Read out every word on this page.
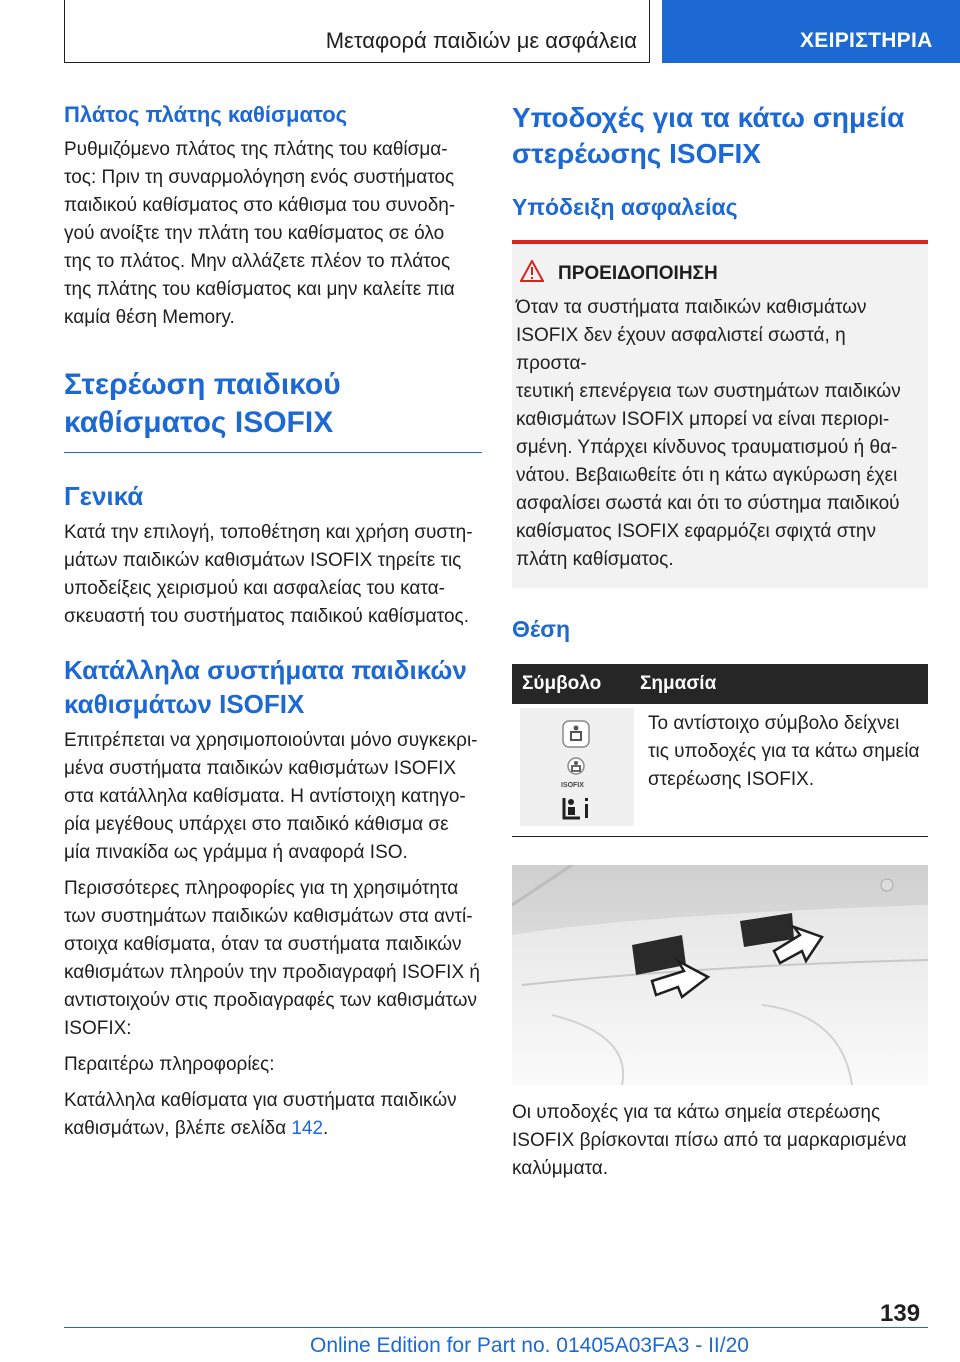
Μεταφορά παιδιών με ασφάλεια	ΧΕΙΡΙΣΤΗΡΙΑ
Πλάτος πλάτης καθίσματος

Ρυθμιζόμενο πλάτος της πλάτης του καθίσμα-
τος: Πριν τη συναρμολόγηση ενός συστήματος
παιδικού καθίσματος στο κάθισμα του συνοδη-
γού ανοίξτε την πλάτη του καθίσματος σε όλο
της το πλάτος. Μην αλλάζετε πλέον το πλάτος
της πλάτης του καθίσματος και μην καλείτε πια
καμία θέση Memory.

Στερέωση παιδικού
καθίσματος ISOFIX
Γενικά

Κατά την επιλογή, τοποθέτηση και χρήση συστη-
μάτων παιδικών καθισμάτων ISOFIX τηρείτε τις
υποδείξεις χειρισμού και ασφαλείας του κατα-
σκευαστή του συστήματος παιδικού καθίσματος.

Κατάλληλα συστήματα παιδικών
καθισμάτων ISOFIX

Επιτρέπεται να χρησιμοποιούνται μόνο συγκεκρι-
μένα συστήματα παιδικών καθισμάτων ISOFIX
στα κατάλληλα καθίσματα. Η αντίστοιχη κατηγο-
ρία μεγέθους υπάρχει στο παιδικό κάθισμα σε
μία πινακίδα ως γράμμα ή αναφορά ISO.

Περισσότερες πληροφορίες για τη χρησιμότητα
των συστημάτων παιδικών καθισμάτων στα αντί-
στοιχα καθίσματα, όταν τα συστήματα παιδικών
καθισμάτων πληρούν την προδιαγραφή ISOFIX ή
αντιστοιχούν στις προδιαγραφές των καθισμάτων
ISOFIX:

Περαιτέρω πληροφορίες:

Κατάλληλα καθίσματα για συστήματα παιδικών
καθισμάτων, βλέπε σελίδα 142.

Υποδοχές για τα κάτω σημεία
στερέωσης ISOFIX
Υπόδειξη ασφαλείας
ΠΡΟΕΙΔΟΠΟΙΗΣΗ

Όταν τα συστήματα παιδικών καθισμάτων
ISOFIX δεν έχουν ασφαλιστεί σωστά, η προστα-
τευτική επενέργεια των συστημάτων παιδικών
καθισμάτων ISOFIX μπορεί να είναι περιορι-
σμένη. Υπάρχει κίνδυνος τραυματισμού ή θα-
νάτου. Βεβαιωθείτε ότι η κάτω αγκύρωση έχει
ασφαλίσει σωστά και ότι το σύστημα παιδικού
καθίσματος ISOFIX εφαρμόζει σφιχτά στην
πλάτη καθίσματος.

Θέση
Σύμβολο	Σημασία
ISOFIX

Το αντίστοιχο σύμβολο δείχνει
τις υποδοχές για τα κάτω σημεία
στερέωσης ISOFIX.

Οι υποδοχές για τα κάτω σημεία στερέωσης
ISOFIX βρίσκονται πίσω από τα μαρκαρισμένα
καλύμματα.

139
Online Edition for Part no. 01405A03FA3 - II/20
